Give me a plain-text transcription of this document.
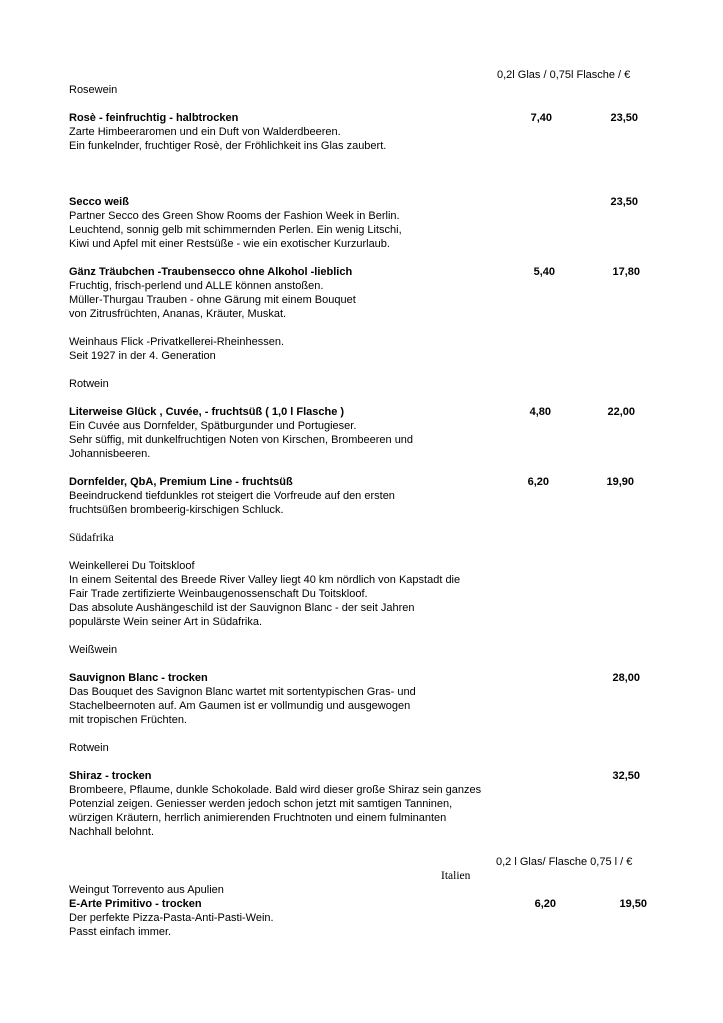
0,2l Glas / 0,75l Flasche / €
Rosewein
Rosè - feinfruchtig - halbtrocken	7,40	23,50
Zarte Himbeeraromen und ein Duft von Walderdbeeren.
Ein funkelnder, fruchtiger Rosè, der Fröhlichkeit ins Glas zaubert.
Secco weiß	23,50
Partner Secco des Green Show Rooms der Fashion Week in Berlin.
Leuchtend, sonnig gelb mit schimmernden Perlen. Ein wenig Litschi,
Kiwi und Apfel mit einer Restsüße - wie ein exotischer Kurzurlaub.
Gänz Träubchen -Traubensecco ohne Alkohol -lieblich	5,40	17,80
Fruchtig, frisch-perlend und ALLE können anstoßen.
Müller-Thurgau Trauben - ohne Gärung mit einem Bouquet
von Zitrusfrüchten, Ananas, Kräuter, Muskat.
Weinhaus Flick -Privatkellerei-Rheinhessen.
Seit 1927 in der 4. Generation
Rotwein
Literweise Glück , Cuvée, - fruchtsüß ( 1,0 l Flasche )	4,80	22,00
Ein Cuvée aus Dornfelder, Spätburgunder und Portugieser.
Sehr süffig, mit dunkelfruchtigen Noten von Kirschen, Brombeeren und
Johannisbeeren.
Dornfelder, QbA, Premium Line - fruchtsüß	6,20	19,90
Beeindruckend tiefdunkles rot steigert die Vorfreude auf den ersten
fruchtsüßen brombeerig-kirschigen Schluck.
Südafrika
Weinkellerei Du Toitskloof
In einem Seitental des Breede River Valley liegt 40 km nördlich von Kapstadt die
Fair Trade zertifizierte Weinbaugenossenschaft Du Toitskloof.
Das absolute Aushängeschild ist der Sauvignon Blanc - der seit Jahren
populärste Wein seiner Art in Südafrika.
Weißwein
Sauvignon Blanc - trocken	28,00
Das Bouquet des Savignon Blanc wartet mit sortentypischen Gras- und
Stachelbeernoten auf. Am Gaumen ist er vollmundig und ausgewogen
mit tropischen Früchten.
Rotwein
Shiraz - trocken	32,50
Brombeere, Pflaume, dunkle Schokolade. Bald wird dieser große Shiraz sein ganzes
Potenzial zeigen. Geniesser werden jedoch schon jetzt mit samtigen Tanninen,
würzigen Kräutern, herrlich animierenden Fruchtnoten und einem fulminanten
Nachhall belohnt.
0,2 l Glas/ Flasche 0,75 l / €
Italien
Weingut Torrevento aus Apulien
E-Arte Primitivo - trocken	6,20	19,50
Der perfekte Pizza-Pasta-Anti-Pasti-Wein.
Passt einfach immer.
